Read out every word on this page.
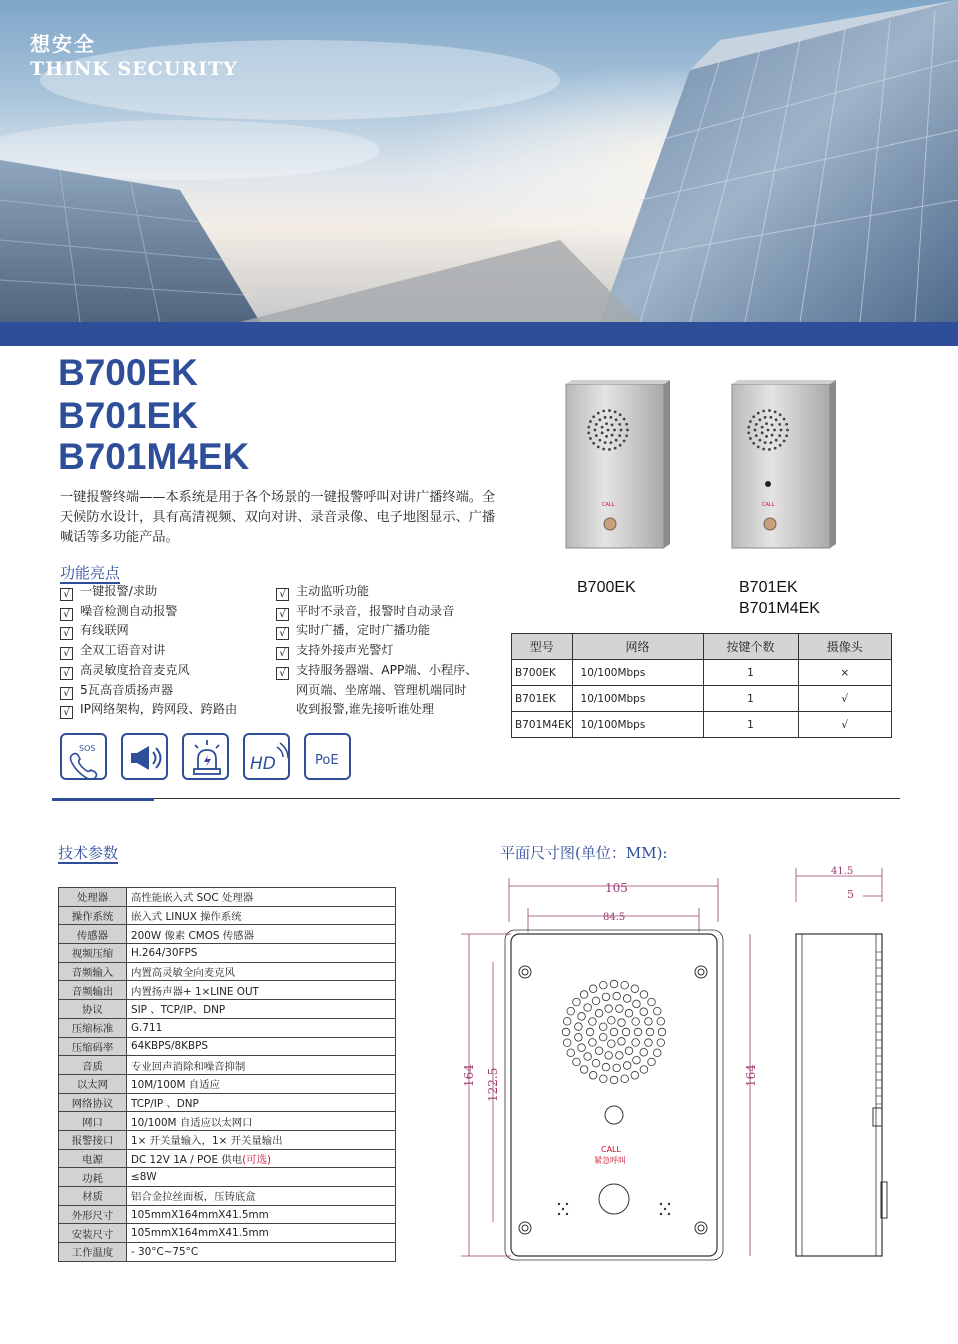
想安全
THINK SECURITY
B700EK
B701EK
B701M4EK
一键报警终端——本系统是用于各个场景的一键报警呼叫对讲广播终端。全天候防水设计，具有高清视频、双向对讲、录音录像、电子地图显示、广播喊话等多功能产品。
功能亮点
√ 一键报警/求助
√ 噪音检测自动报警
√ 有线联网
√ 全双工语音对讲
√ 高灵敏度拾音麦克风
√ 5瓦高音质扬声器
√ IP网络架构，跨网段、跨路由
√ 主动监听功能
√ 平时不录音，报警时自动录音
√ 实时广播，定时广播功能
√ 支持外接声光警灯
√ 支持服务器端、APP端、小程序、
网页端、坐席端、管理机端同时
收到报警,谁先接听谁处理
SOS
HD	PoE
CALL	CALL
B700EK	B701EK
B701M4EK
型号	网络	按键个数	摄像头
B700EK	10/100Mbps	1	×
B701EK	10/100Mbps	1	√
B701M4EK	10/100Mbps	1	√
技术参数
处理器	高性能嵌入式 SOC 处理器
操作系统	嵌入式 LINUX 操作系统
传感器	200W 像素 CMOS 传感器
视频压缩	H.264/30FPS
音频输入	内置高灵敏全向麦克风
音频输出	内置扬声器+ 1×LINE OUT
协议	SIP 、TCP/IP、DNP
压缩标准	G.711
压缩码率	64KBPS/8KBPS
音质	专业回声消除和噪音抑制
以太网	10M/100M 自适应
网络协议	TCP/IP 、DNP
网口	10/100M 自适应以太网口
报警接口	1× 开关量输入，1× 开关量输出
电源	DC 12V 1A / POE 供电(可选)
功耗	≤8W
材质	铝合金拉丝面板，压铸底盒
外形尺寸	105mmX164mmX41.5mm
安装尺寸	105mmX164mmX41.5mm
工作温度	- 30°C~75°C
平面尺寸图(单位：MM):
105
84.5
41.5
5
164 122.5	164
CALL
紧急呼叫
